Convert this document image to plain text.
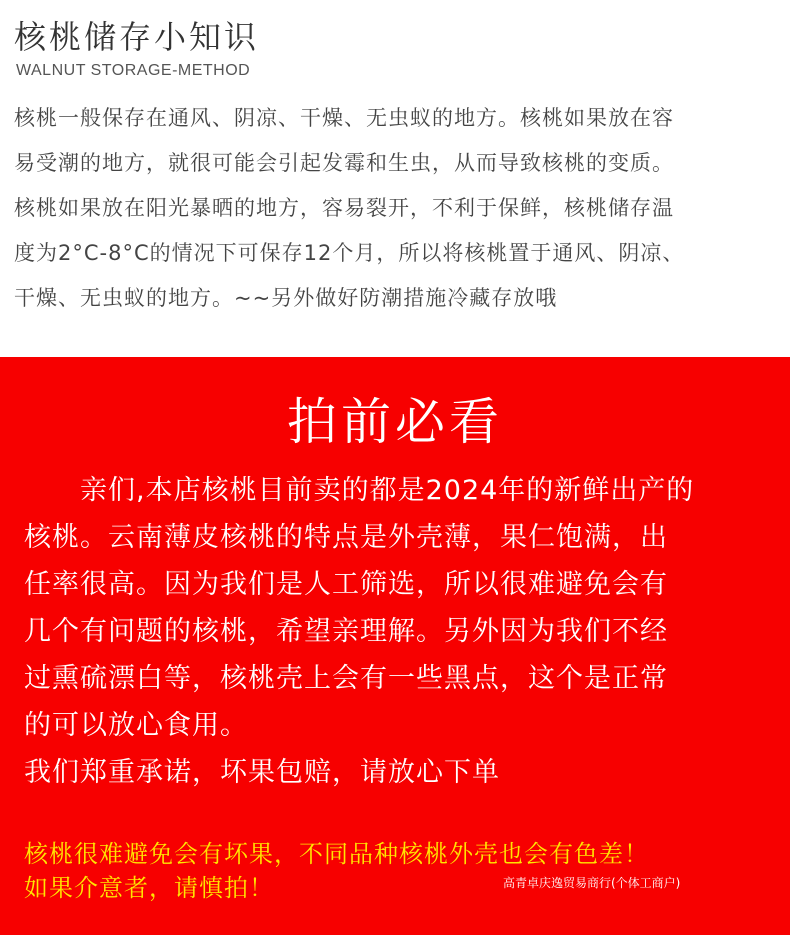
核桃储存小知识
WALNUT STORAGE-METHOD
核桃一般保存在通风、阴凉、干燥、无虫蚁的地方。核桃如果放在容
易受潮的地方，就很可能会引起发霉和生虫，从而导致核桃的变质。
核桃如果放在阳光暴晒的地方，容易裂开，不利于保鲜，核桃储存温
度为2°C-8°C的情况下可保存12个月，所以将核桃置于通风、阴凉、
干燥、无虫蚁的地方。~~另外做好防潮措施冷藏存放哦
拍前必看
亲们,本店核桃目前卖的都是2024年的新鲜出产的
核桃。云南薄皮核桃的特点是外壳薄，果仁饱满，出
任率很高。因为我们是人工筛选，所以很难避免会有
几个有问题的核桃，希望亲理解。另外因为我们不经
过熏硫漂白等，核桃壳上会有一些黑点，这个是正常
的可以放心食用。
我们郑重承诺，坏果包赔，请放心下单
核桃很难避免会有坏果，不同品种核桃外壳也会有色差！
如果介意者，请慎拍！	高青卓庆逸贸易商行(个体工商户)
